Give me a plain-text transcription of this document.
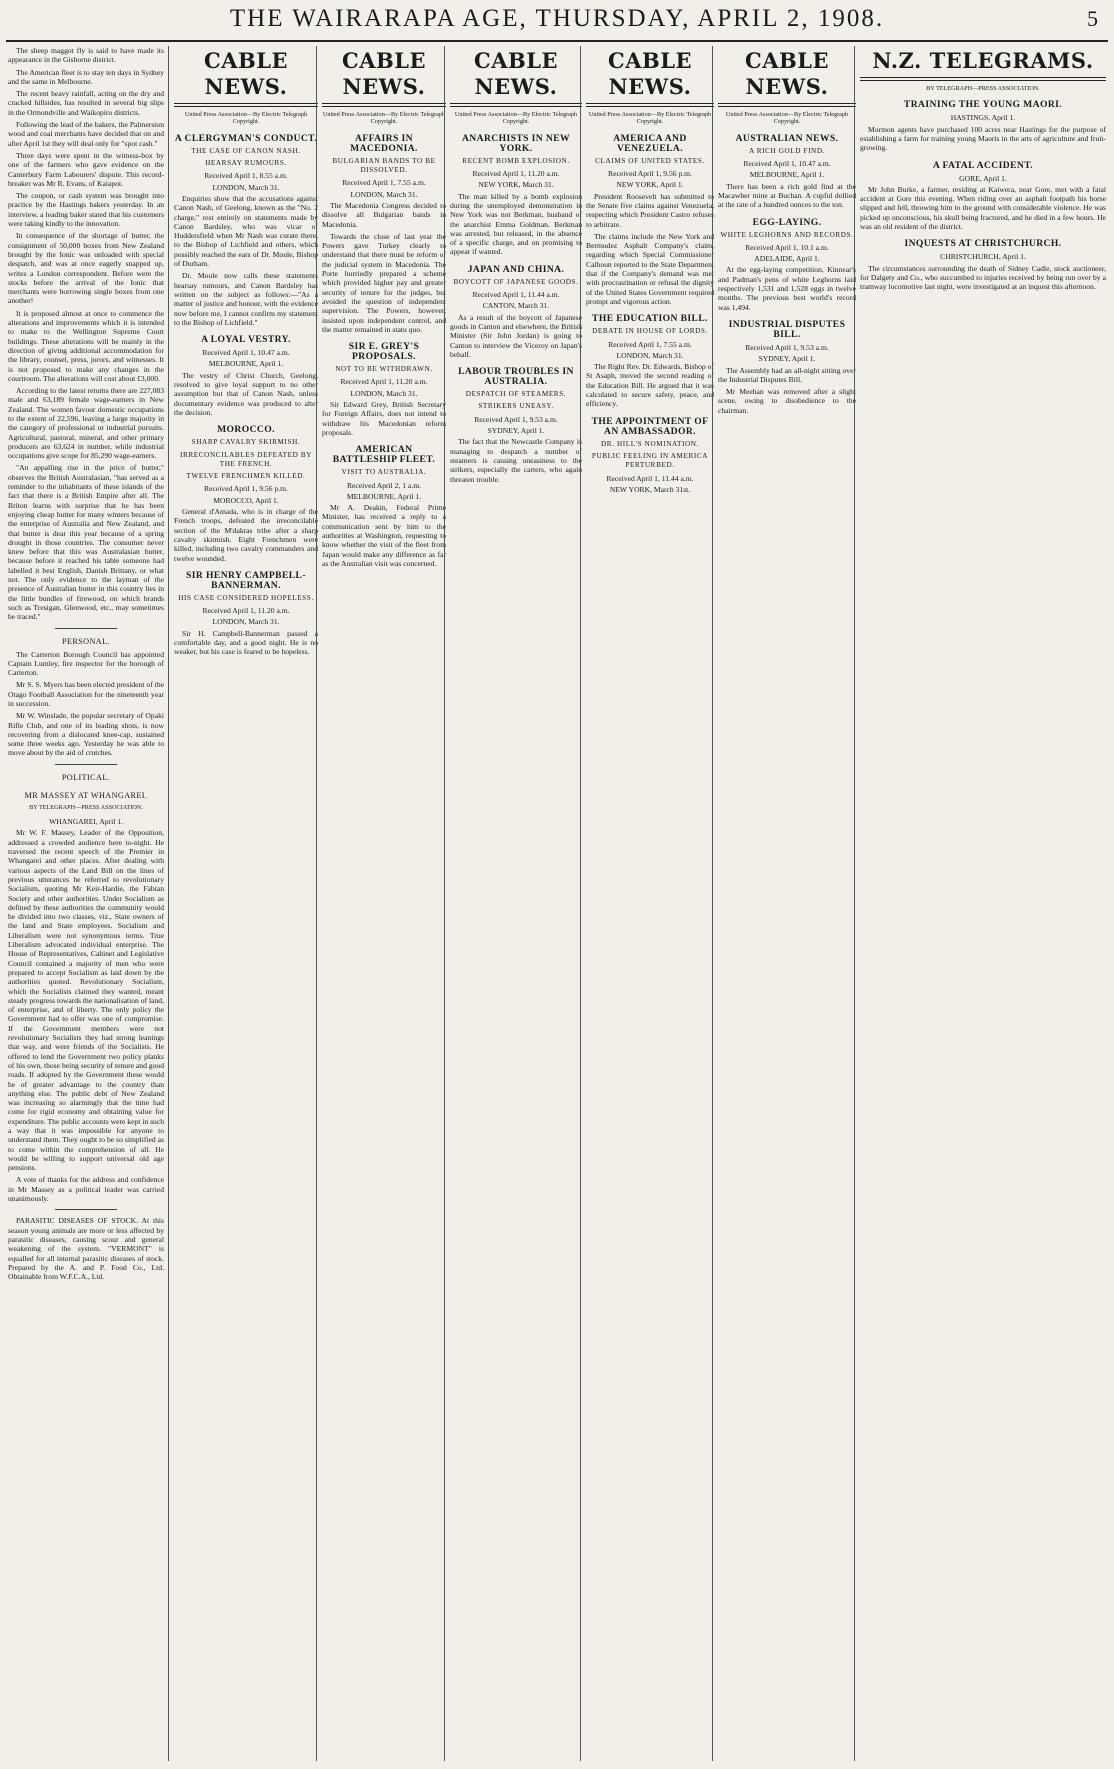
THE WAIRARAPA AGE, THURSDAY, APRIL 2, 1908.	5

The sheep maggot fly is said to have made its appearance in the Gisborne district.

The American fleet is to stay ten days in Sydney and the same in Melbourne.

The recent heavy rainfall, acting on the dry and cracked hillsides, has resulted in several big slips in the Ormondville and Waikopiro districts.

Following the lead of the bakers, the Palmerston wood and coal merchants have decided that on and after April 1st they will deal only for "spot cash."

Three days were spent in the witness-box by one of the farmers who gave evidence on the Canterbury Farm Labourers' dispute. This record-breaker was Mr R. Evans, of Kaiapoi.

The coupon, or cash system was brought into practice by the Hastings bakers yesterday. In an interview, a leading baker stated that his customers were taking kindly to the innovation.

In consequence of the shortage of butter, the consignment of 50,000 boxes from New Zealand brought by the Ionic was unloaded with special despatch, and was at once eagerly snapped up, writes a London correspondent. Before were the stocks before the arrival of the Ionic that merchants were borrowing single boxes from one another!

It is proposed almost at once to commence the alterations and improvements which it is intended to make to the Wellington Supreme Court buildings. These alterations will be mainly in the direction of giving additional accommodation for the library, counsel, press, jurors, and witnesses. It is not proposed to make any changes in the courtroom. The alterations will cost about £3,000.

According to the latest returns there are 227,083 male and 63,189 female wage-earners in New Zealand. The women favour domestic occupations to the extent of 22,596, leaving a large majority in the category of professional or industrial pursuits. Agricultural, pastoral, mineral, and other primary producers are 63,624 in number, while industrial occupations give scope for 85,290 wage-earners.

"An appalling rise in the price of butter," observes the British Australasian, "has served as a reminder to the inhabitants of these islands of the fact that there is a British Empire after all. The Briton learns with surprise that he has been enjoying cheap butter for many winters because of the enterprise of Australia and New Zealand, and that butter is dear this year because of a spring drought in those countries. The consumer never knew before that this was Australasian butter, because before it reached his table someone had labelled it best English, Danish Brittany, or what not. The only evidence to the layman of the presence of Australian butter in this country lies in the little bundles of firewood, on which brands such as Tresigan, Glenwood, etc., may sometimes be traced."

PERSONAL.

The Carterton Borough Council has appointed Captain Lumley, fire inspector for the borough of Carterton.

Mr S. S. Myers has been elected president of the Otago Football Association for the nineteenth year in succession.

Mr W. Winslade, the popular secretary of Opaki Rifle Club, and one of its leading shots, is now recovering from a dislocated knee-cap, sustained some three weeks ago. Yesterday he was able to move about by the aid of crutches.

POLITICAL.
MR MASSEY AT WHANGAREI.
BY TELEGRAPH—PRESS ASSOCIATION.
WHANGAREI, April 1.

Mr W. F. Massey, Leader of the Opposition, addressed a crowded audience here to-night. He traversed the recent speech of the Premier in Whangarei and other places. After dealing with various aspects of the Land Bill on the lines of previous utterances he referred to revolutionary Socialism, quoting Mr Keir-Hardie, the Fabian Society and other authorities. Under Socialism as defined by these authorities the community would be divided into two classes, viz., State owners of the land and State employees. Socialism and Liberalism were not synonymous terms. True Liberalism advocated individual enterprise. The House of Representatives, Cabinet and Legislative Council contained a majority of men who were prepared to accept Socialism as laid down by the authorities quoted. Revolutionary Socialism, which the Socialists claimed they wanted, meant steady progress towards the nationalisation of land, of enterprise, and of liberty. The only policy the Government had to offer was one of compromise. If the Government members were not revolutionary Socialists they had strong leanings that way, and were friends of the Socialists. He offered to lend the Government two policy planks of his own, those being security of tenure and good roads. If adopted by the Government these would be of greater advantage to the country than anything else. The public debt of New Zealand was increasing so alarmingly that the time had come for rigid economy and obtaining value for expenditure. The public accounts were kept in such a way that it was impossible for anyone to understand them. They ought to be so simplified as to come within the comprehension of all. He would be willing to support universal old age pensions.

A vote of thanks for the address and confidence in Mr Massey as a political leader was carried unanimously.

PARASITIC DISEASES OF STOCK. At this season young animals are more or less affected by parasitic diseases, causing scour and general weakening of the system. "VERMONT" is equalled for all internal parasitic diseases of stock. Prepared by the A. and P. Food Co., Ltd. Obtainable from W.F.C.A., Ltd.

CABLE NEWS.
United Press Association—By Electric Telegraph Copyright.
A CLERGYMAN'S CONDUCT.
THE CASE OF CANON NASH.
HEARSAY RUMOURS.
Received April 1, 8.55 a.m.
LONDON, March 31.

Enquiries show that the accusations against Canon Nash, of Geelong, known as the "No. 2 charge," rest entirely on statements made by Canon Bardsley, who was vicar of Huddersfield when Mr Nash was curate there, to the Bishop of Lichfield and others, which possibly reached the ears of Dr. Moule, Bishop of Durham.

Dr. Moule now calls these statements hearsay rumours, and Canon Bardsley has written on the subject as follows:—"As a matter of justice and honour, with the evidence now before me, I cannot confirm my statement to the Bishop of Lichfield."

A LOYAL VESTRY.
Received April 1, 10.47 a.m.
MELBOURNE, April 1.

The vestry of Christ Church, Geelong, resolved to give loyal support to no other assumption but that of Canon Nash, unless documentary evidence was produced to alter the decision.

MOROCCO.
SHARP CAVALRY SKIRMISH.
IRRECONCILABLES DEFEATED BY THE FRENCH.
TWELVE FRENCHMEN KILLED.
Received April 1, 9.56 p.m.
MOROCCO, April 1.

General d'Amada, who is in charge of the French troops, defeated the irreconcilable section of the M'dakras tribe after a sharp cavalry skirmish. Eight Frenchmen were killed, including two cavalry commanders and twelve wounded.

SIR HENRY CAMPBELL-BANNERMAN.
HIS CASE CONSIDERED HOPELESS.
Received April 1, 11.20 a.m.
LONDON, March 31.

Sir H. Campbell-Bannerman passed a comfortable day, and a good night. He is no weaker, but his case is feared to be hopeless.

CABLE NEWS.
United Press Association—By Electric Telegraph Copyright.
AFFAIRS IN MACEDONIA.
BULGARIAN BANDS TO BE DISSOLVED.
Received April 1, 7.55 a.m.
LONDON, March 31.

The Macedonia Congress decided to dissolve all Bulgarian bands in Macedonia.

Towards the close of last year the Powers gave Turkey clearly to understand that there must be reform of the judicial system in Macedonia. The Porte hurriedly prepared a scheme which provided higher pay and greater security of tenure for the judges, but avoided the question of independent supervision. The Powers, however, insisted upon independent control, and the matter remained in statu quo.

SIR E. GREY'S PROPOSALS.
NOT TO BE WITHDRAWN.
Received April 1, 11.20 a.m.
LONDON, March 31.

Sir Edward Grey, British Secretary for Foreign Affairs, does not intend to withdraw his Macedonian reform proposals.

AMERICAN BATTLESHIP FLEET.
VISIT TO AUSTRALIA.
Received April 2, 1 a.m.
MELBOURNE, April 1.

Mr A. Deakin, Federal Prime Minister, has received a reply to a communication sent by him to the authorities at Washington, requesting to know whether the visit of the fleet from Japan would make any difference as far as the Australian visit was concerned.

CABLE NEWS.
United Press Association—By Electric Telegraph Copyright.
ANARCHISTS IN NEW YORK.
RECENT BOMB EXPLOSION.
Received April 1, 11.20 a.m.
NEW YORK, March 31.

The man killed by a bomb explosion during the unemployed demonstration in New York was not Berkman, husband of the anarchist Emma Goldman. Berkman was arrested, but released, in the absence of a specific charge, and on promising to appear if wanted.

JAPAN AND CHINA.
BOYCOTT OF JAPANESE GOODS.
Received April 1, 11.44 a.m.
CANTON, March 31.

As a result of the boycott of Japanese goods in Canton and elsewhere, the British Minister (Sir John Jordan) is going to Canton to interview the Viceroy on Japan's behalf.

LABOUR TROUBLES IN AUSTRALIA.
DESPATCH OF STEAMERS.
STRIKERS UNEASY.
Received April 1, 9.53 a.m.
SYDNEY, April 1.

The fact that the Newcastle Company is managing to despatch a number of steamers is causing uneasiness to the strikers, especially the carters, who again threaten trouble.

CABLE NEWS.
United Press Association—By Electric Telegraph Copyright.
AMERICA AND VENEZUELA.
CLAIMS OF UNITED STATES.
Received April 1, 9.56 p.m.
NEW YORK, April 1.

President Roosevelt has submitted to the Senate five claims against Venezuela, respecting which President Castro refuses to arbitrate.

The claims include the New York and Bermudez Asphalt Company's claim, regarding which Special Commissioner Calhoun reported to the State Department that if the Company's demand was met with procrastination or refusal the dignity of the United States Government required prompt and vigorous action.

THE EDUCATION BILL.
DEBATE IN HOUSE OF LORDS.
Received April 1, 7.55 a.m.
LONDON, March 31.

The Right Rev. Dr. Edwards, Bishop of St Asaph, moved the second reading of the Education Bill. He argued that it was calculated to secure safety, peace, and efficiency.

THE APPOINTMENT OF AN AMBASSADOR.
DR. HILL'S NOMINATION.
PUBLIC FEELING IN AMERICA PERTURBED.
Received April 1, 11.44 a.m.
NEW YORK, March 31st.
CABLE NEWS.
United Press Association—By Electric Telegraph Copyright.
AUSTRALIAN NEWS.
A RICH GOLD FIND.
Received April 1, 10.47 a.m.
MELBOURNE, April 1.

There has been a rich gold find at the Macawber mine at Buchan. A cupful dollied at the rate of a hundred ounces to the ton.

EGG-LAYING.
WHITE LEGHORNS AND RECORDS.
Received April 1, 10.1 a.m.
ADELAIDE, April 1.

At the egg-laying competition, Kinnear's and Padman's pens of white Leghorns laid respectively 1,531 and 1,528 eggs in twelve months. The previous best world's record was 1,494.

INDUSTRIAL DISPUTES BILL.
Received April 1, 9.53 a.m.
SYDNEY, April 1.

The Assembly had an all-night sitting over the Industrial Disputes Bill.

Mr Meehan was removed after a slight scene, owing to disobedience to the chairman.

N.Z. TELEGRAMS.
BY TELEGRAPH—PRESS ASSOCIATION.
TRAINING THE YOUNG MAORI.
HASTINGS, April 1.

Mormon agents have purchased 100 acres near Hastings for the purpose of establishing a farm for training young Maoris in the arts of agriculture and fruit-growing.

A FATAL ACCIDENT.
GORE, April 1.

Mr John Burke, a farmer, residing at Kaiwera, near Gore, met with a fatal accident at Gore this evening. When riding over an asphalt footpath his horse slipped and fell, throwing him to the ground with considerable violence. He was picked up unconscious, his skull being fractured, and he died in a few hours. He was an old resident of the district.

INQUESTS AT CHRISTCHURCH.
CHRISTCHURCH, April 1.

The circumstances surrounding the death of Sidney Cadle, stock auctioneer, for Dalgety and Co., who succumbed to injuries received by being run over by a tramway locomotive last night, were investigated at an inquest this afternoon.
